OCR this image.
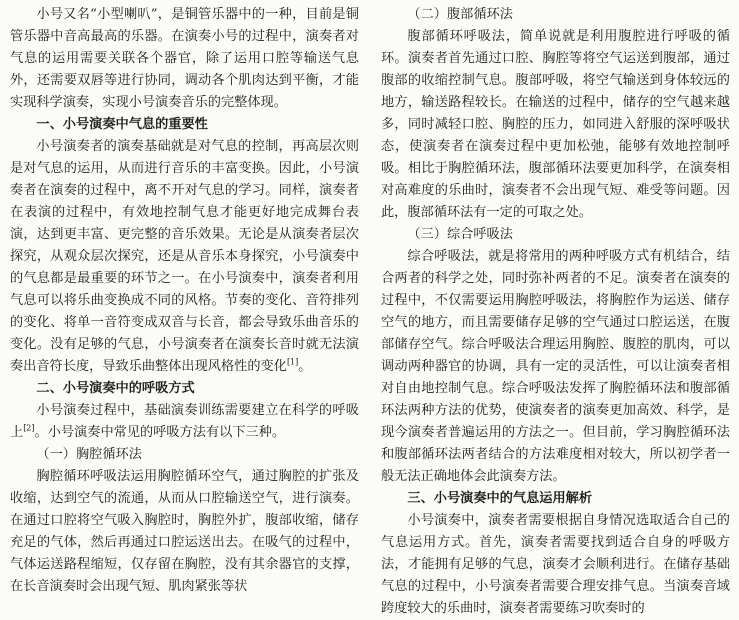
小号又名“小型喇叭”，是铜管乐器中的一种，目前是铜管乐器中音高最高的乐器。在演奏小号的过程中，演奏者对气息的运用需要关联各个器官，除了运用口腔等输送气息外，还需要双唇等进行协同，调动各个肌肉达到平衡，才能实现科学演奏，实现小号演奏音乐的完整体现。

一、小号演奏中气息的重要性

小号演奏者的演奏基础就是对气息的控制，再高层次则是对气息的运用，从而进行音乐的丰富变换。因此，小号演奏者在演奏的过程中，离不开对气息的学习。同样，演奏者在表演的过程中，有效地控制气息才能更好地完成舞台表演，达到更丰富、更完整的音乐效果。无论是从演奏者层次探究，从观众层次探究，还是从音乐本身探究，小号演奏中的气息都是最重要的环节之一。在小号演奏中，演奏者利用气息可以将乐曲变换成不同的风格。节奏的变化、音符排列的变化、将单一音符变成双音与长音，都会导致乐曲音乐的变化。没有足够的气息，小号演奏者在演奏长音时就无法演奏出音符长度，导致乐曲整体出现风格性的变化[1]。

二、小号演奏中的呼吸方式

小号演奏过程中，基础演奏训练需要建立在科学的呼吸上[2]。小号演奏中常见的呼吸方法有以下三种。

（一）胸腔循环法

胸腔循环呼吸法运用胸腔循环空气，通过胸腔的扩张及收缩，达到空气的流通，从而从口腔输送空气，进行演奏。在通过口腔将空气吸入胸腔时，胸腔外扩，腹部收缩，储存充足的气体，然后再通过口腔运送出去。在吸气的过程中，气体运送路程缩短，仅存留在胸腔，没有其余器官的支撑，在长音演奏时会出现气短、肌肉紧张等状

（二）腹部循环法

腹部循环呼吸法，简单说就是利用腹腔进行呼吸的循环。演奏者首先通过口腔、胸腔等将空气运送到腹部，通过腹部的收缩控制气息。腹部呼吸，将空气输送到身体较远的地方，输送路程较长。在输送的过程中，储存的空气越来越多，同时减轻口腔、胸腔的压力，如同进入舒服的深呼吸状态，使演奏者在演奏过程中更加松弛，能够有效地控制呼吸。相比于胸腔循环法，腹部循环法要更加科学，在演奏相对高难度的乐曲时，演奏者不会出现气短、难受等问题。因此，腹部循环法有一定的可取之处。

（三）综合呼吸法

综合呼吸法，就是将常用的两种呼吸方式有机结合，结合两者的科学之处，同时弥补两者的不足。演奏者在演奏的过程中，不仅需要运用胸腔呼吸法，将胸腔作为运送、储存空气的地方，而且需要储存足够的空气通过口腔运送，在腹部储存空气。综合呼吸法合理运用胸腔、腹腔的肌肉，可以调动两种器官的协调，具有一定的灵活性，可以让演奏者相对自由地控制气息。综合呼吸法发挥了胸腔循环法和腹部循环法两种方法的优势，使演奏者的演奏更加高效、科学，是现今演奏者普遍运用的方法之一。但目前，学习胸腔循环法和腹部循环法两者结合的方法难度相对较大，所以初学者一般无法正确地体会此演奏方法。

三、小号演奏中的气息运用解析

小号演奏中，演奏者需要根据自身情况选取适合自己的气息运用方式。首先，演奏者需要找到适合自身的呼吸方法，才能拥有足够的气息，演奏才会顺利进行。在储存基础气息的过程中，小号演奏者需要合理安排气息。当演奏音域跨度较大的乐曲时，演奏者需要练习吹奏时的
